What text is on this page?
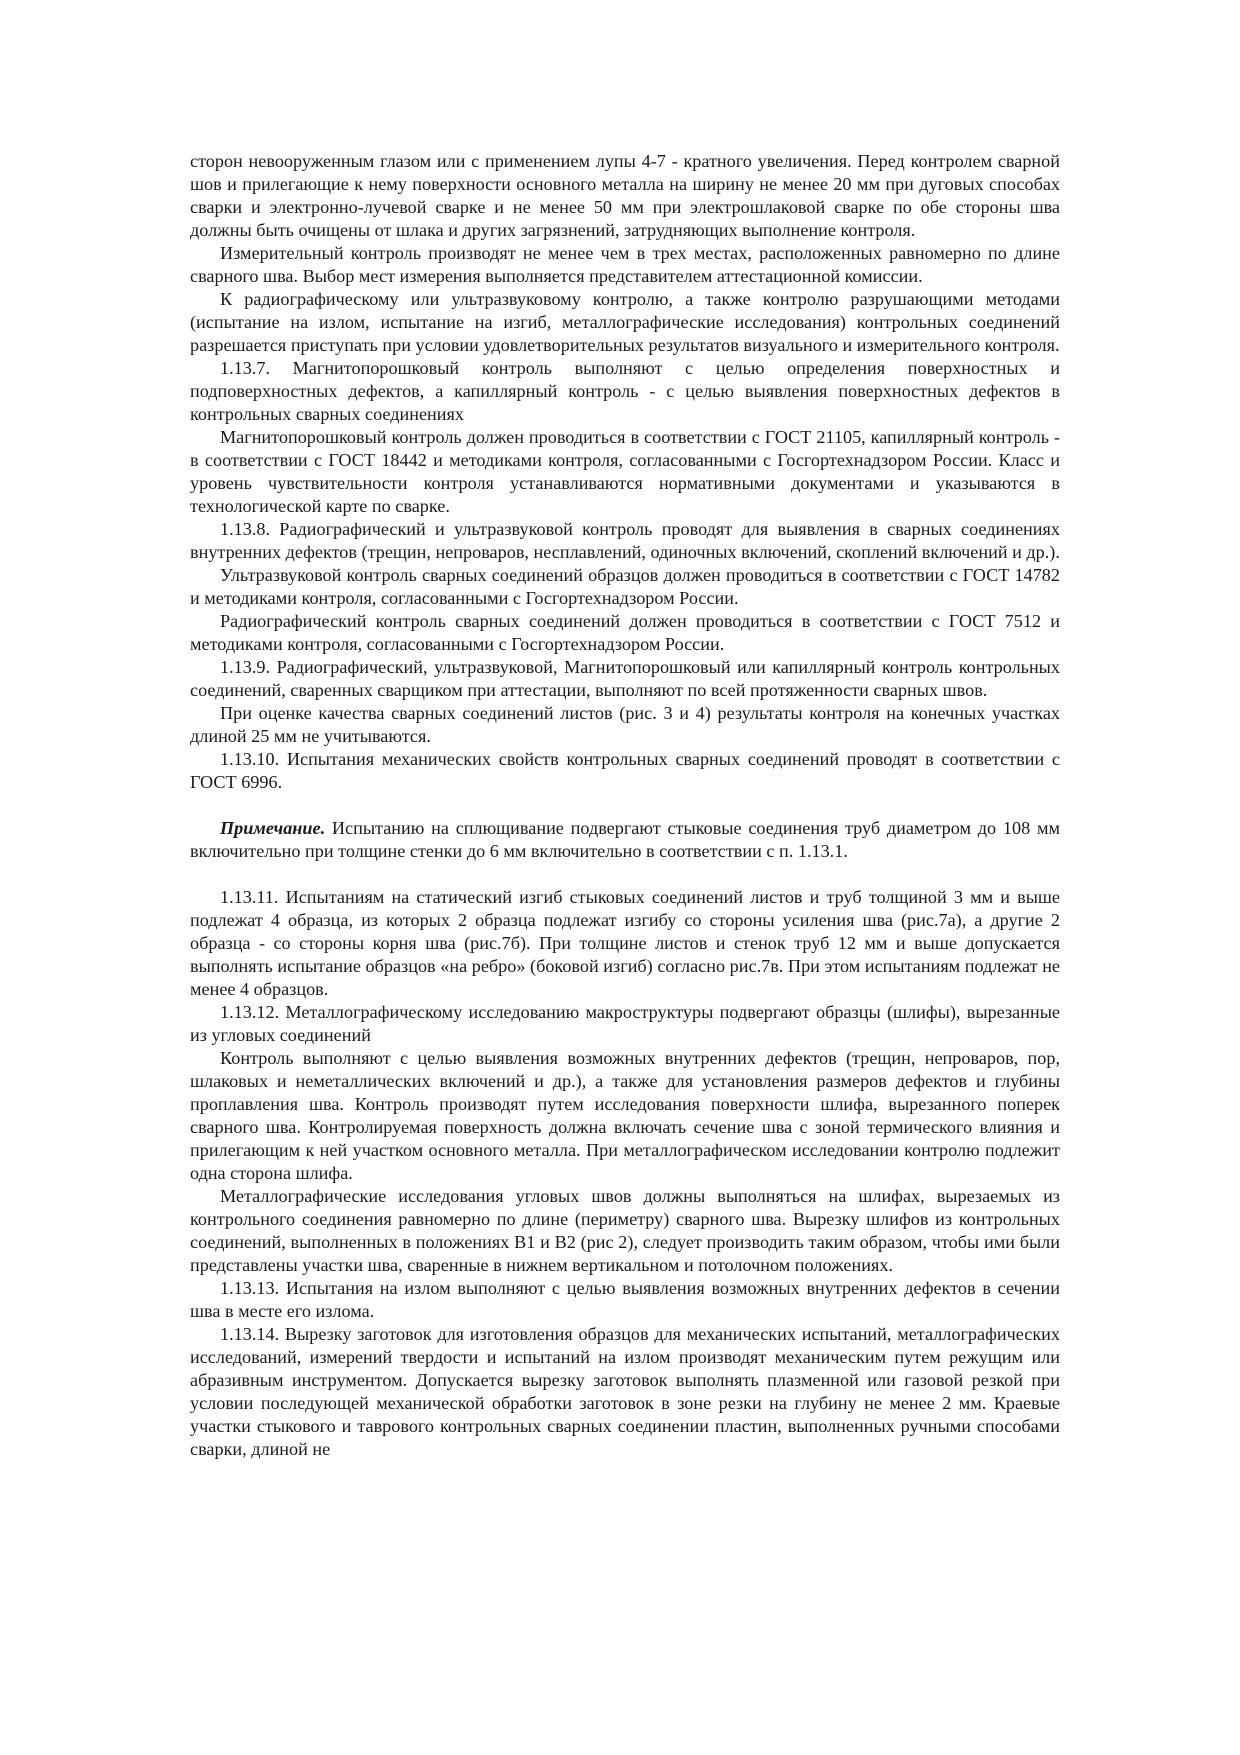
сторон невооруженным глазом или с применением лупы 4-7 - кратного увеличения. Перед контролем сварной шов и прилегающие к нему поверхности основного металла на ширину не менее 20 мм при дуговых способах сварки и электронно-лучевой сварке и не менее 50 мм при электрошлаковой сварке по обе стороны шва должны быть очищены от шлака и других загрязнений, затрудняющих выполнение контроля.

Измерительный контроль производят не менее чем в трех местах, расположенных равномерно по длине сварного шва. Выбор мест измерения выполняется представителем аттестационной комиссии.

К радиографическому или ультразвуковому контролю, а также контролю разрушающими методами (испытание на излом, испытание на изгиб, металлографические исследования) контрольных соединений разрешается приступать при условии удовлетворительных результатов визуального и измерительного контроля.

1.13.7. Магнитопорошковый контроль выполняют с целью определения поверхностных и подповерхностных дефектов, а капиллярный контроль - с целью выявления поверхностных дефектов в контрольных сварных соединениях

Магнитопорошковый контроль должен проводиться в соответствии с ГОСТ 21105, капиллярный контроль - в соответствии с ГОСТ 18442 и методиками контроля, согласованными с Госгортехнадзором России. Класс и уровень чувствительности контроля устанавливаются нормативными документами и указываются в технологической карте по сварке.

1.13.8. Радиографический и ультразвуковой контроль проводят для выявления в сварных соединениях внутренних дефектов (трещин, непроваров, несплавлений, одиночных включений, скоплений включений и др.).

Ультразвуковой контроль сварных соединений образцов должен проводиться в соответствии с ГОСТ 14782 и методиками контроля, согласованными с Госгортехнадзором России.

Радиографический контроль сварных соединений должен проводиться в соответствии с ГОСТ 7512 и методиками контроля, согласованными с Госгортехнадзором России.

1.13.9. Радиографический, ультразвуковой, Магнитопорошковый или капиллярный контроль контрольных соединений, сваренных сварщиком при аттестации, выполняют по всей протяженности сварных швов.

При оценке качества сварных соединений листов (рис. 3 и 4) результаты контроля на конечных участках длиной 25 мм не учитываются.

1.13.10. Испытания механических свойств контрольных сварных соединений проводят в соответствии с ГОСТ 6996.

Примечание. Испытанию на сплющивание подвергают стыковые соединения труб диаметром до 108 мм включительно при толщине стенки до 6 мм включительно в соответствии с п. 1.13.1.

1.13.11. Испытаниям на статический изгиб стыковых соединений листов и труб толщиной 3 мм и выше подлежат 4 образца, из которых 2 образца подлежат изгибу со стороны усиления шва (рис.7а), а другие 2 образца - со стороны корня шва (рис.7б). При толщине листов и стенок труб 12 мм и выше допускается выполнять испытание образцов «на ребро» (боковой изгиб) согласно рис.7в. При этом испытаниям подлежат не менее 4 образцов.

1.13.12. Металлографическому исследованию макроструктуры подвергают образцы (шлифы), вырезанные из угловых соединений

Контроль выполняют с целью выявления возможных внутренних дефектов (трещин, непроваров, пор, шлаковых и неметаллических включений и др.), а также для установления размеров дефектов и глубины проплавления шва. Контроль производят путем исследования поверхности шлифа, вырезанного поперек сварного шва. Контролируемая поверхность должна включать сечение шва с зоной термического влияния и прилегающим к ней участком основного металла. При металлографическом исследовании контролю подлежит одна сторона шлифа.

Металлографические исследования угловых швов должны выполняться на шлифах, вырезаемых из контрольного соединения равномерно по длине (периметру) сварного шва. Вырезку шлифов из контрольных соединений, выполненных в положениях В1 и В2 (рис 2), следует производить таким образом, чтобы ими были представлены участки шва, сваренные в нижнем вертикальном и потолочном положениях.

1.13.13. Испытания на излом выполняют с целью выявления возможных внутренних дефектов в сечении шва в месте его излома.

1.13.14. Вырезку заготовок для изготовления образцов для механических испытаний, металлографических исследований, измерений твердости и испытаний на излом производят механическим путем режущим или абразивным инструментом. Допускается вырезку заготовок выполнять плазменной или газовой резкой при условии последующей механической обработки заготовок в зоне резки на глубину не менее 2 мм. Краевые участки стыкового и таврового контрольных сварных соединении пластин, выполненных ручными способами сварки, длиной не
